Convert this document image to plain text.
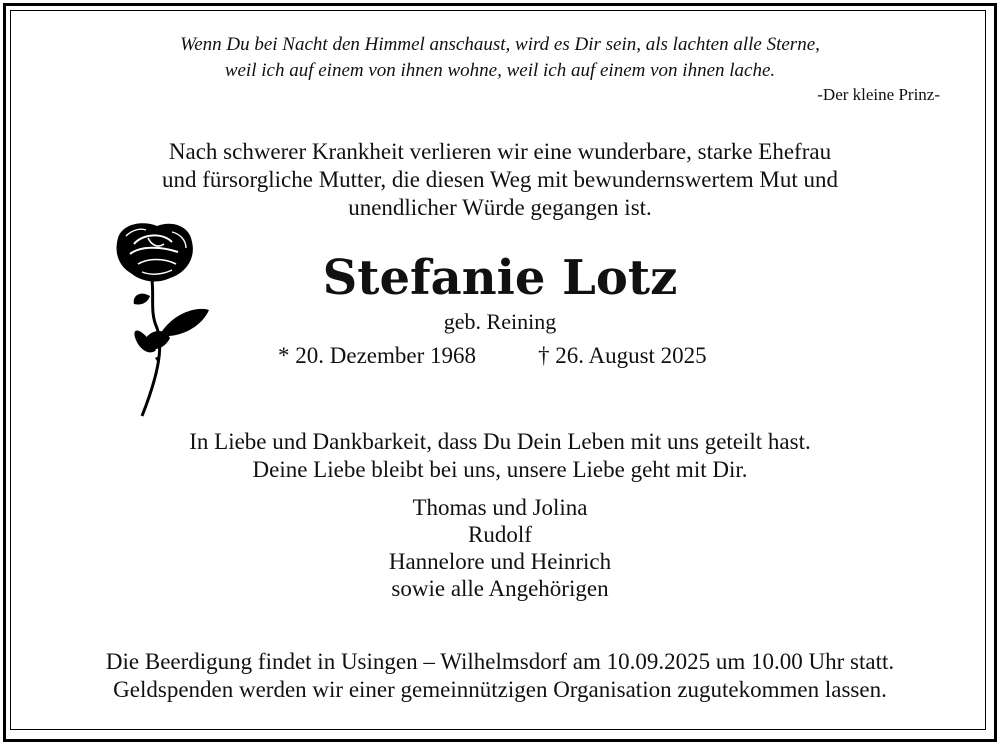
Wenn Du bei Nacht den Himmel anschaust, wird es Dir sein, als lachten alle Sterne,
weil ich auf einem von ihnen wohne, weil ich auf einem von ihnen lache.
-Der kleine Prinz-
Nach schwerer Krankheit verlieren wir eine wunderbare, starke Ehefrau
und fürsorgliche Mutter, die diesen Weg mit bewundernswertem Mut und
unendlicher Würde gegangen ist.
Stefanie Lotz
geb. Reining
* 20. Dezember 1968	† 26. August 2025
In Liebe und Dankbarkeit, dass Du Dein Leben mit uns geteilt hast.
Deine Liebe bleibt bei uns, unsere Liebe geht mit Dir.
Thomas und Jolina
Rudolf
Hannelore und Heinrich
sowie alle Angehörigen
Die Beerdigung findet in Usingen – Wilhelmsdorf am 10.09.2025 um 10.00 Uhr statt.
Geldspenden werden wir einer gemeinnützigen Organisation zugutekommen lassen.
